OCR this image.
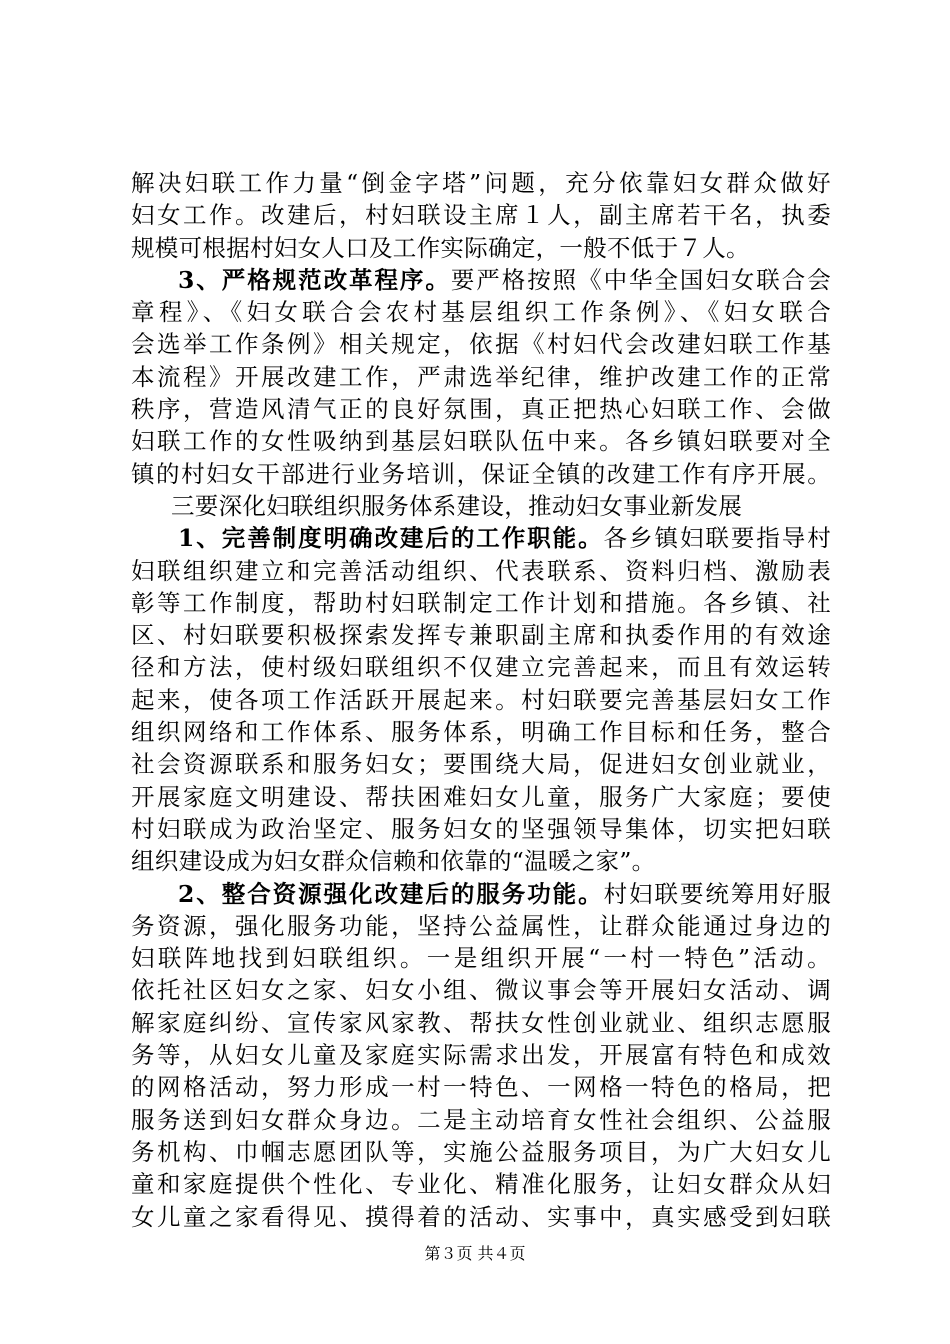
解决妇联工作力量“倒金字塔”问题，充分依靠妇女群众做好
妇女工作。改建后，村妇联设主席１人，副主席若干名，执委
规模可根据村妇女人口及工作实际确定，一般不低于７人。
3、严格规范改革程序。要严格按照《中华全国妇女联合会
章程》、《妇女联合会农村基层组织工作条例》、《妇女联合
会选举工作条例》相关规定，依据《村妇代会改建妇联工作基
本流程》开展改建工作，严肃选举纪律，维护改建工作的正常
秩序，营造风清气正的良好氛围，真正把热心妇联工作、会做
妇联工作的女性吸纳到基层妇联队伍中来。各乡镇妇联要对全
镇的村妇女干部进行业务培训，保证全镇的改建工作有序开展。
三要深化妇联组织服务体系建设，推动妇女事业新发展
1、完善制度明确改建后的工作职能。各乡镇妇联要指导村
妇联组织建立和完善活动组织、代表联系、资料归档、激励表
彰等工作制度，帮助村妇联制定工作计划和措施。各乡镇、社
区、村妇联要积极探索发挥专兼职副主席和执委作用的有效途
径和方法，使村级妇联组织不仅建立完善起来，而且有效运转
起来，使各项工作活跃开展起来。村妇联要完善基层妇女工作
组织网络和工作体系、服务体系，明确工作目标和任务，整合
社会资源联系和服务妇女；要围绕大局，促进妇女创业就业，
开展家庭文明建设、帮扶困难妇女儿童，服务广大家庭；要使
村妇联成为政治坚定、服务妇女的坚强领导集体，切实把妇联
组织建设成为妇女群众信赖和依靠的“温暖之家”。
2、整合资源强化改建后的服务功能。村妇联要统筹用好服
务资源，强化服务功能，坚持公益属性，让群众能通过身边的
妇联阵地找到妇联组织。一是组织开展“一村一特色”活动。
依托社区妇女之家、妇女小组、微议事会等开展妇女活动、调
解家庭纠纷、宣传家风家教、帮扶女性创业就业、组织志愿服
务等，从妇女儿童及家庭实际需求出发，开展富有特色和成效
的网格活动，努力形成一村一特色、一网格一特色的格局，把
服务送到妇女群众身边。二是主动培育女性社会组织、公益服
务机构、巾帼志愿团队等，实施公益服务项目，为广大妇女儿
童和家庭提供个性化、专业化、精准化服务，让妇女群众从妇
女儿童之家看得见、摸得着的活动、实事中，真实感受到妇联
第３页 共４页
